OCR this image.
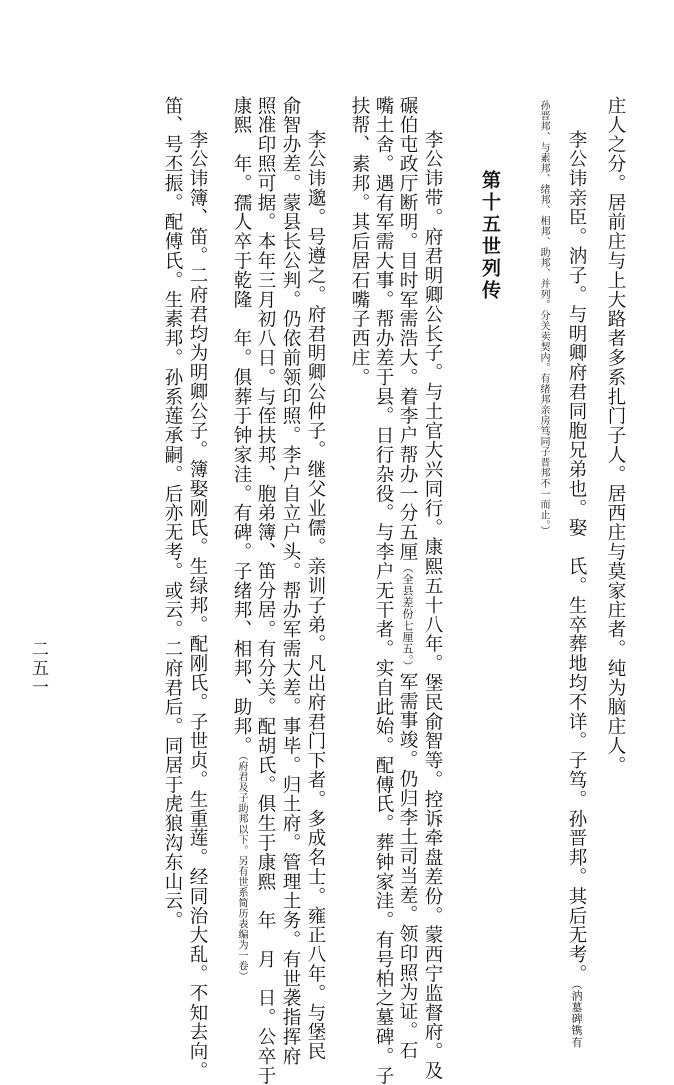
庄人之分。居前庄与上大路者多系扎门子人。居西庄与莫家庄者。纯为脑庄人。
李公讳亲臣。汭子。与明卿府君同胞兄弟也。娶　氏。生卒葬地均不详。子笃。孙晋邦。其后无考。（汭墓碑镌有
孙晋邦、与素邦、绪邦、相邦、助邦、并列。分关卖契内。有绪邦亲房笃同子晋邦不一而止。）
第十五世列传
李公讳带。府君明卿公长子。与土官大兴同行。康熙五十八年。堡民俞智等。控诉牵盘差份。蒙西宁监督府。及
碾伯屯政厅断明。目时军需浩大。着李户帮办一分五厘（全县差份七厘五。）军需事竣。仍归李土司当差。领印照为证。石
嘴土舍。遇有军需大事。帮办差于县。日行杂役。与李户无干者。实自此始。配傅氏。葬钟家洼。有号柏之墓碑。子
扶帮、素邦。其后居石嘴子西庄。
李公讳邈。号遵之。府君明卿公仲子。继父业儒。亲训子弟。凡出府君门下者。多成名士。雍正八年。与堡民
俞智办差。蒙县长公判。仍依前领印照。李户自立户头。帮办军需大差。事毕。归土府。管理土务。有世袭指挥府
照准印照可据。本年三月初八日。与侄扶邦、胞弟簿、笛分居。有分关。配胡氏。俱生于康熙　年　月　日。公卒于
康熙　年。孺人卒于乾隆　年。俱葬于钟家洼。有碑。子绪邦、相邦、助邦。（府君及子助邦以下。另有世系简历表编为一卷）
李公讳簿、笛。二府君均为明卿公子。簿娶刚氏。生绿邦。配刚氏。子世贞。生重莲。经同治大乱。不知去向。
笛、号丕振。配傅氏。生素邦。孙系莲承嗣。后亦无考。或云。二府君后。同居于虎狼沟东山云。
二五一
